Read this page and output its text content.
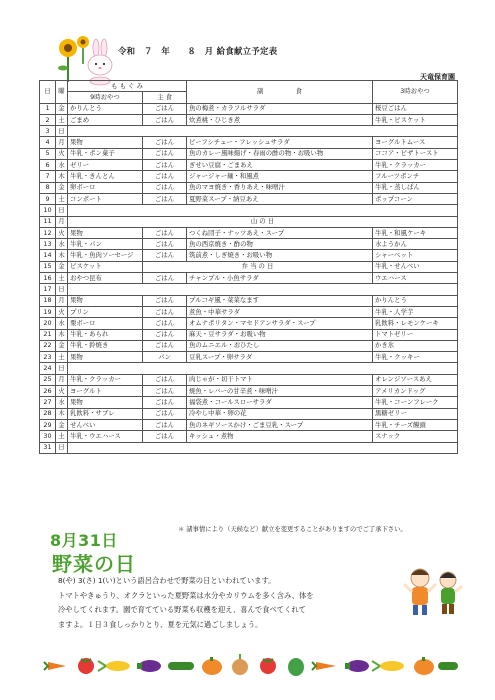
令和　７　年　　８　月 給食献立予定表
天竜保育園
日	曜	も も ぐ み		副　　　　　食	3時おやつ
		9時おやつ	主 食		
1	金	かりんとう	ごはん	魚の梅煮・カラフルサラダ	桜豆ごはん
2	土	ごまめ	ごはん	炊煮桃・ひじき煮	牛乳・ビスケット
3	日				
4	月	果物	ごはん	ビーフシチュー・フレッシュサラダ	ヨーグルトムース
5	火	牛乳・ポン菓子	ごはん	魚のカレー風味揚げ・春雨の酢の物・お吸い物	ココア・ピザトースト
6	水	ゼリー	ごはん	ぎせい豆腐・ごまあえ	牛乳・クラッカー
7	木	牛乳・きんとん	ごはん	ジャージャー麺・和風煮	フルーツポンチ
8	金	卵ボーロ	ごはん	魚のマヨ焼き・香りあえ・味噌汁	牛乳・蒸しぱん
9	土	コンポート	ごはん	夏野菜スープ・納豆あえ	ポップコーン
10	日				
11	月	山 の 日			
12	火	果物	ごはん	つくね団子・ナッツあえ・スープ	牛乳・和風ケーキ
13	水	牛乳・パン	ごはん	魚の西京焼き・酢の物	水ようかん
14	木	牛乳・魚肉ソーセージ	ごはん	筑前煮・しぎ焼き・お吸い物	シャーベット
15	金	ビスケット	弁 当 の 日		牛乳・せんべい
16	土	おやつ昆布	ごはん	チャンプル・小魚サラダ	ウエハース
17	日				
18	月	果物	ごはん	プルコギ風・菜菜なます	かりんとう
19	火	プリン	ごはん	煮魚・中華サラダ	牛乳・人学芋
20	水	栗ボーロ	ごはん	オムナポリタン・マセドアンサラダ・スープ	乳飲料・レモンケーキ
21	木	牛乳・あられ	ごはん	麻天・豆サラダ・お吸い物	トマトゼリー
22	金	牛乳・鈴焼き	ごはん	魚のムニエル・おひたし	かき氷
23	土	果物	パン	豆乳スープ・卵サラダ	牛乳・クッキー
24	日				
25	月	牛乳・クラッカー	ごはん	肉じゃが・切干トマト	オレンジソースあえ
26	火	ヨーグルト	ごはん	焼魚・レバーの甘辛煮・味噌汁	アメリカンドッグ
27	水	果物	ごはん	福袋煮・コールスローサラダ	牛乳・コーンフレーク
28	木	乳飲料・サブレ	ごはん	冷やし中華・卵の花	黒糖ゼリー
29	金	せんべい	ごはん	魚のネギソースかけ・ごま豆乳・スープ	牛乳・チーズ饅頭
30	土	牛乳・ウエハース	ごはん	キッシュ・煮物	スナック
31	日				
＊ 諸事情により（天候など）献立を変更することがありますのでご了承下さい。
8月31日
野菜の日

8(や) 3(さ) 1(い)という語呂合わせで野菜の日といわれています。

トマトやきゅうり、オクラといった夏野菜は水分やカリウムを多く含み、体を

冷やしてくれます。園で育てている野菜も収穫を迎え、喜んで食べてくれて

ますよ。１日３食しっかりとり、夏を元気に過ごしましょう。
